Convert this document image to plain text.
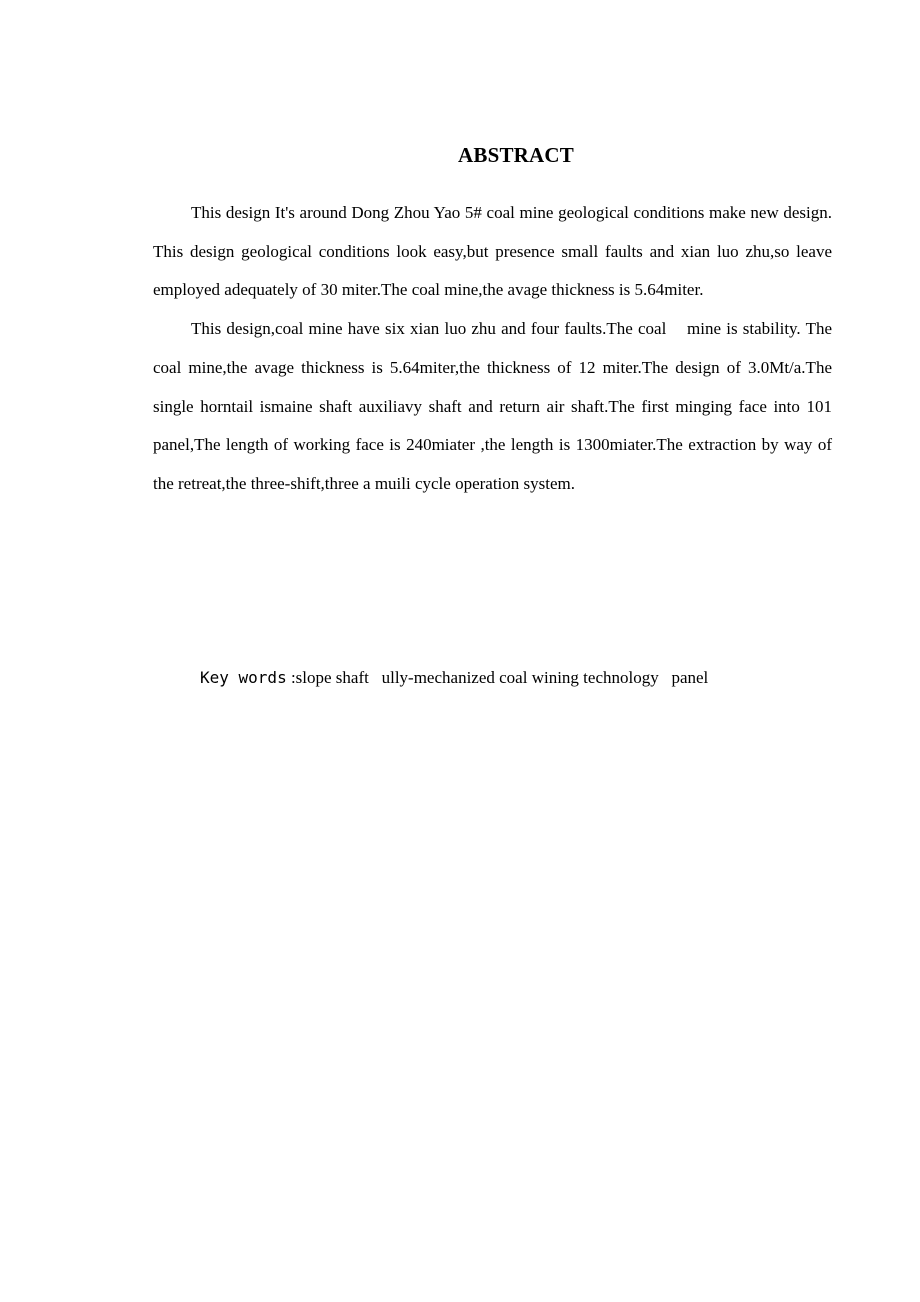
ABSTRACT

This design It's around Dong Zhou Yao 5# coal mine geological conditions make new design. This design geological conditions look easy,but presence small faults and xian luo zhu,so leave employed adequately of 30 miter.The coal mine,the avage thickness is 5.64miter.

This design,coal mine have six xian luo zhu and four faults.The coal    mine is stability. The coal mine,the avage thickness is 5.64miter,the thickness of 12 miter.The design of 3.0Mt/a.The single horntail ismaine shaft auxiliavy shaft and return air shaft.The first minging face into 101 panel,The length of working face is 240miater ,the length is 1300miater.The extraction by way of the retreat,the three-shift,three a muili cycle operation system.

Key words :slope shaft   ully-mechanized coal wining technology   panel
